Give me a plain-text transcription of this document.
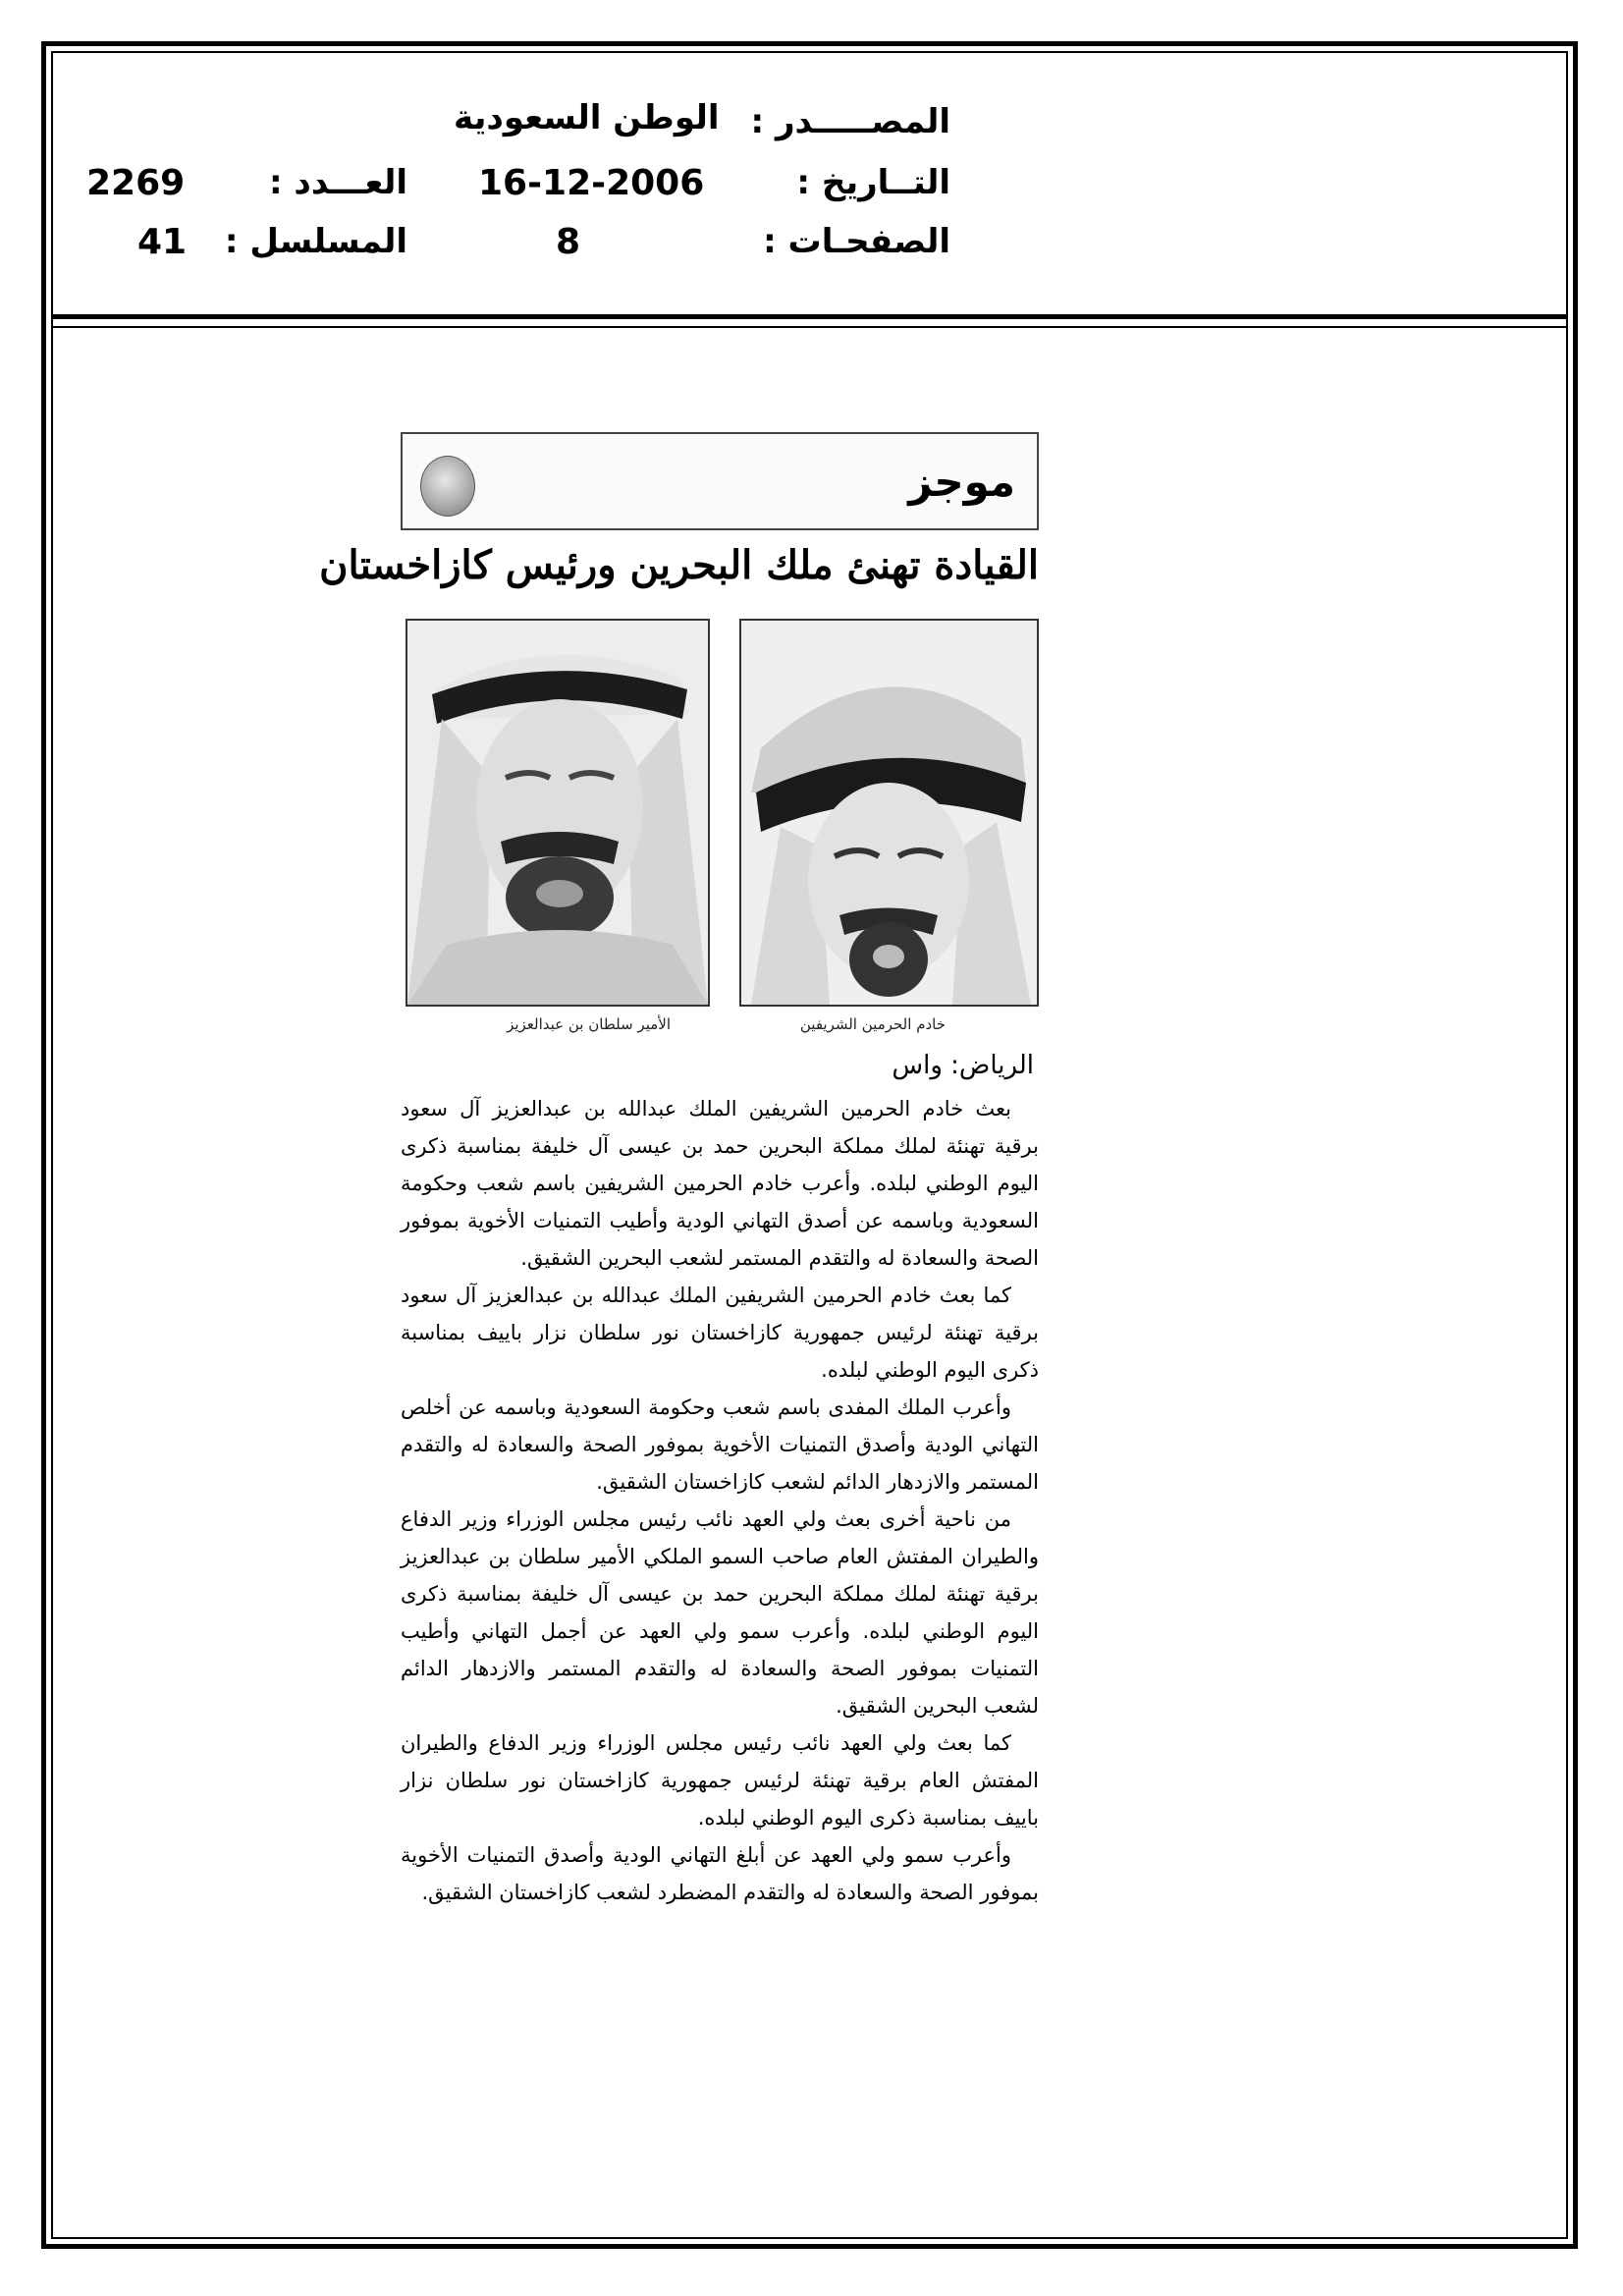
المصـــــدر :
الوطن السعودية
التــاريخ :
16-12-2006
الصفحـات :
8
العـــدد :
2269
المسلسل :
41
موجز
القيادة تهنئ ملك البحرين ورئيس كازاخستان
خادم الحرمين الشريفين
الأمير سلطان بن عبدالعزيز
الرياض: واس

بعث خادم الحرمين الشريفين الملك عبدالله بن عبدالعزيز آل سعود برقية تهنئة لملك مملكة البحرين حمد بن عيسى آل خليفة بمناسبة ذكرى اليوم الوطني لبلده. وأعرب خادم الحرمين الشريفين باسم شعب وحكومة السعودية وباسمه عن أصدق التهاني الودية وأطيب التمنيات الأخوية بموفور الصحة والسعادة له والتقدم المستمر لشعب البحرين الشقيق.

كما بعث خادم الحرمين الشريفين الملك عبدالله بن عبدالعزيز آل سعود برقية تهنئة لرئيس جمهورية كازاخستان نور سلطان نزار باييف بمناسبة ذكرى اليوم الوطني لبلده.

وأعرب الملك المفدى باسم شعب وحكومة السعودية وباسمه عن أخلص التهاني الودية وأصدق التمنيات الأخوية بموفور الصحة والسعادة له والتقدم المستمر والازدهار الدائم لشعب كازاخستان الشقيق.

من ناحية أخرى بعث ولي العهد نائب رئيس مجلس الوزراء وزير الدفاع والطيران المفتش العام صاحب السمو الملكي الأمير سلطان بن عبدالعزيز برقية تهنئة لملك مملكة البحرين حمد بن عيسى آل خليفة بمناسبة ذكرى اليوم الوطني لبلده. وأعرب سمو ولي العهد عن أجمل التهاني وأطيب التمنيات بموفور الصحة والسعادة له والتقدم المستمر والازدهار الدائم لشعب البحرين الشقيق.

كما بعث ولي العهد نائب رئيس مجلس الوزراء وزير الدفاع والطيران المفتش العام برقية تهنئة لرئيس جمهورية كازاخستان نور سلطان نزار باييف بمناسبة ذكرى اليوم الوطني لبلده.

وأعرب سمو ولي العهد عن أبلغ التهاني الودية وأصدق التمنيات الأخوية بموفور الصحة والسعادة له والتقدم المضطرد لشعب كازاخستان الشقيق.
